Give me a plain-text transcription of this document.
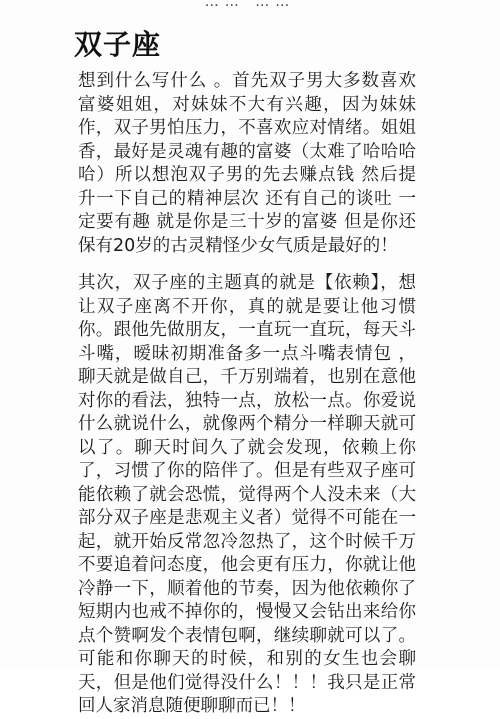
…… ……
双子座

想到什么写什么 。首先双子男大多数喜欢富婆姐姐，对妹妹不大有兴趣，因为妹妹作，双子男怕压力，不喜欢应对情绪。姐姐香，最好是灵魂有趣的富婆（太难了哈哈哈哈）所以想泡双子男的先去赚点钱 然后提升一下自己的精神层次 还有自己的谈吐 一定要有趣 就是你是三十岁的富婆 但是你还保有20岁的古灵精怪少女气质是最好的！

其次，双子座的主题真的就是【依赖】，想让双子座离不开你，真的就是要让他习惯你。跟他先做朋友，一直玩一直玩，每天斗斗嘴，暧昧初期准备多一点斗嘴表情包 ，聊天就是做自己，千万别端着，也别在意他对你的看法，独特一点，放松一点。你爱说什么就说什么，就像两个精分一样聊天就可以了。聊天时间久了就会发现，依赖上你了，习惯了你的陪伴了。但是有些双子座可能依赖了就会恐慌，觉得两个人没未来（大部分双子座是悲观主义者）觉得不可能在一起，就开始反常忽冷忽热了，这个时候千万不要追着问态度，他会更有压力，你就让他冷静一下，顺着他的节奏，因为他依赖你了短期内也戒不掉你的，慢慢又会钻出来给你点个赞啊发个表情包啊，继续聊就可以了。可能和你聊天的时候，和别的女生也会聊天，但是他们觉得没什么！！！我只是正常回人家消息随便聊聊而已！！
